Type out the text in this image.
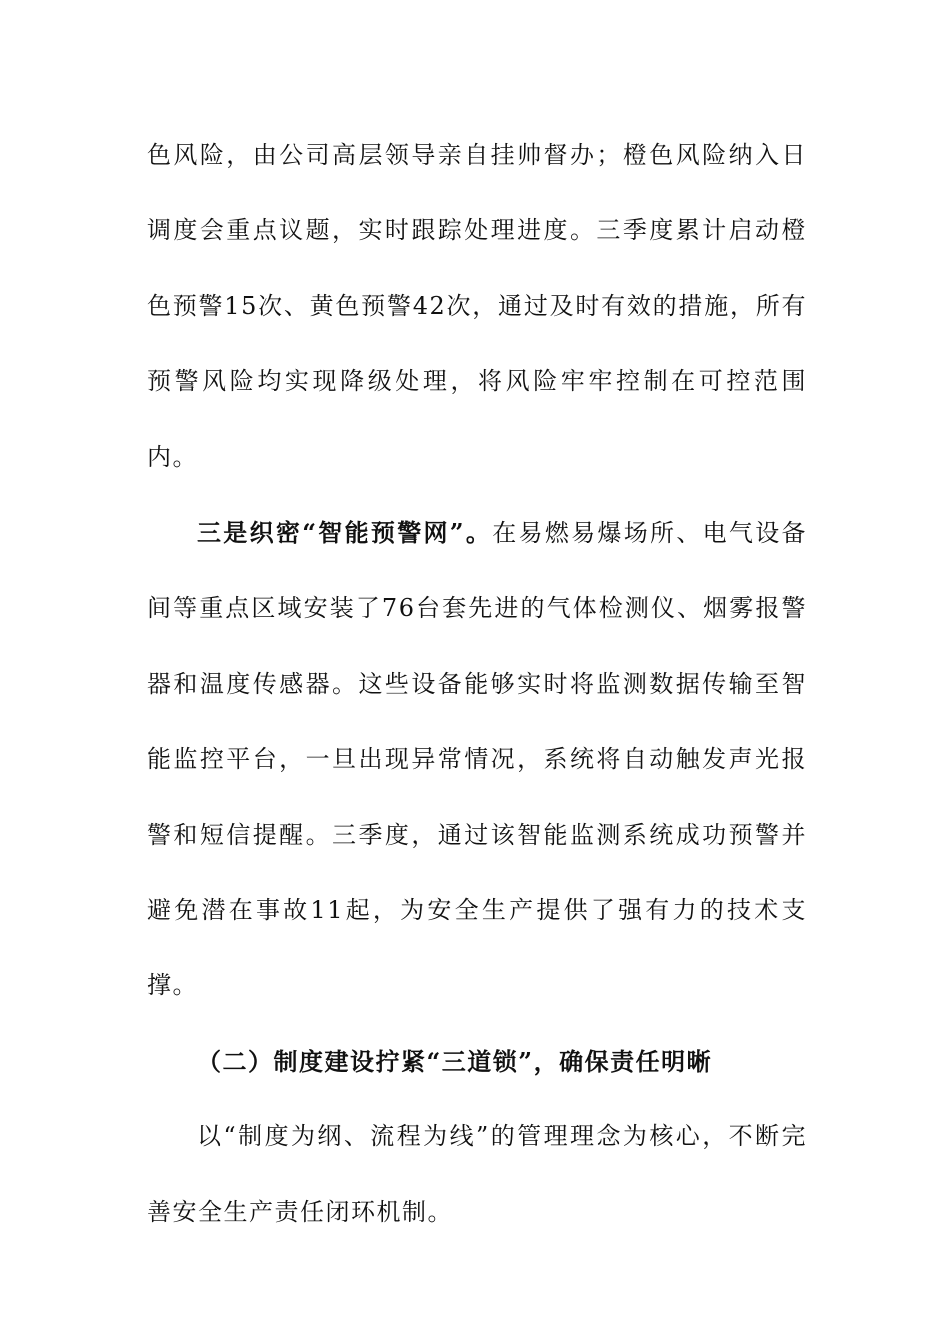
色风险，由公司高层领导亲自挂帅督办；橙色风险纳入日调度会重点议题，实时跟踪处理进度。三季度累计启动橙色预警15次、黄色预警42次，通过及时有效的措施，所有预警风险均实现降级处理，将风险牢牢控制在可控范围内。

三是织密“智能预警网”。在易燃易爆场所、电气设备间等重点区域安装了76台套先进的气体检测仪、烟雾报警器和温度传感器。这些设备能够实时将监测数据传输至智能监控平台，一旦出现异常情况，系统将自动触发声光报警和短信提醒。三季度，通过该智能监测系统成功预警并避免潜在事故11起，为安全生产提供了强有力的技术支撑。

（二）制度建设拧紧“三道锁”，确保责任明晰

以“制度为纲、流程为线”的管理理念为核心，不断完善安全生产责任闭环机制。
